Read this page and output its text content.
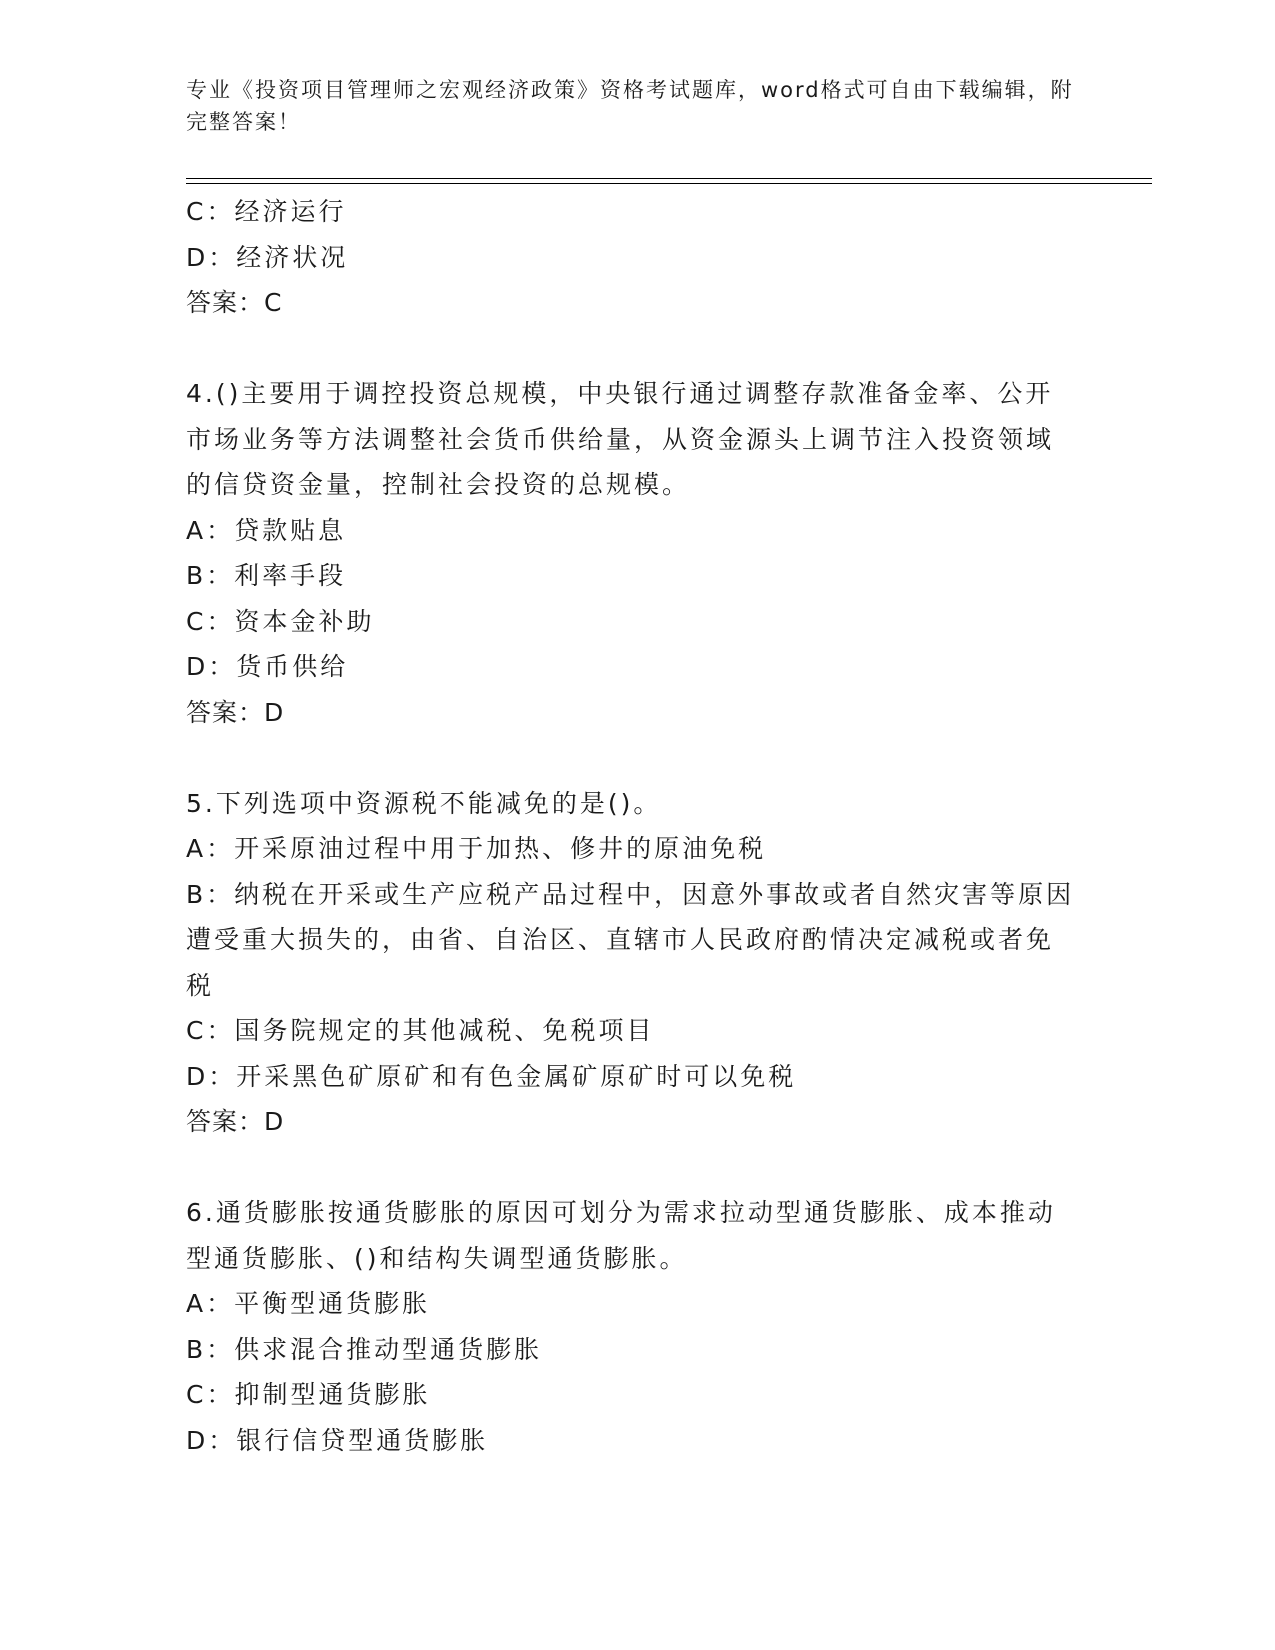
专业《投资项目管理师之宏观经济政策》资格考试题库，word格式可自由下载编辑，附完整答案！
C：经济运行
D：经济状况
答案：C
4.()主要用于调控投资总规模，中央银行通过调整存款准备金率、公开市场业务等方法调整社会货币供给量，从资金源头上调节注入投资领域的信贷资金量，控制社会投资的总规模。
A：贷款贴息
B：利率手段
C：资本金补助
D：货币供给
答案：D
5.下列选项中资源税不能减免的是()。
A：开采原油过程中用于加热、修井的原油免税
B：纳税在开采或生产应税产品过程中，因意外事故或者自然灾害等原因遭受重大损失的，由省、自治区、直辖市人民政府酌情决定减税或者免税
C：国务院规定的其他减税、免税项目
D：开采黑色矿原矿和有色金属矿原矿时可以免税
答案：D
6.通货膨胀按通货膨胀的原因可划分为需求拉动型通货膨胀、成本推动型通货膨胀、()和结构失调型通货膨胀。
A：平衡型通货膨胀
B：供求混合推动型通货膨胀
C：抑制型通货膨胀
D：银行信贷型通货膨胀
